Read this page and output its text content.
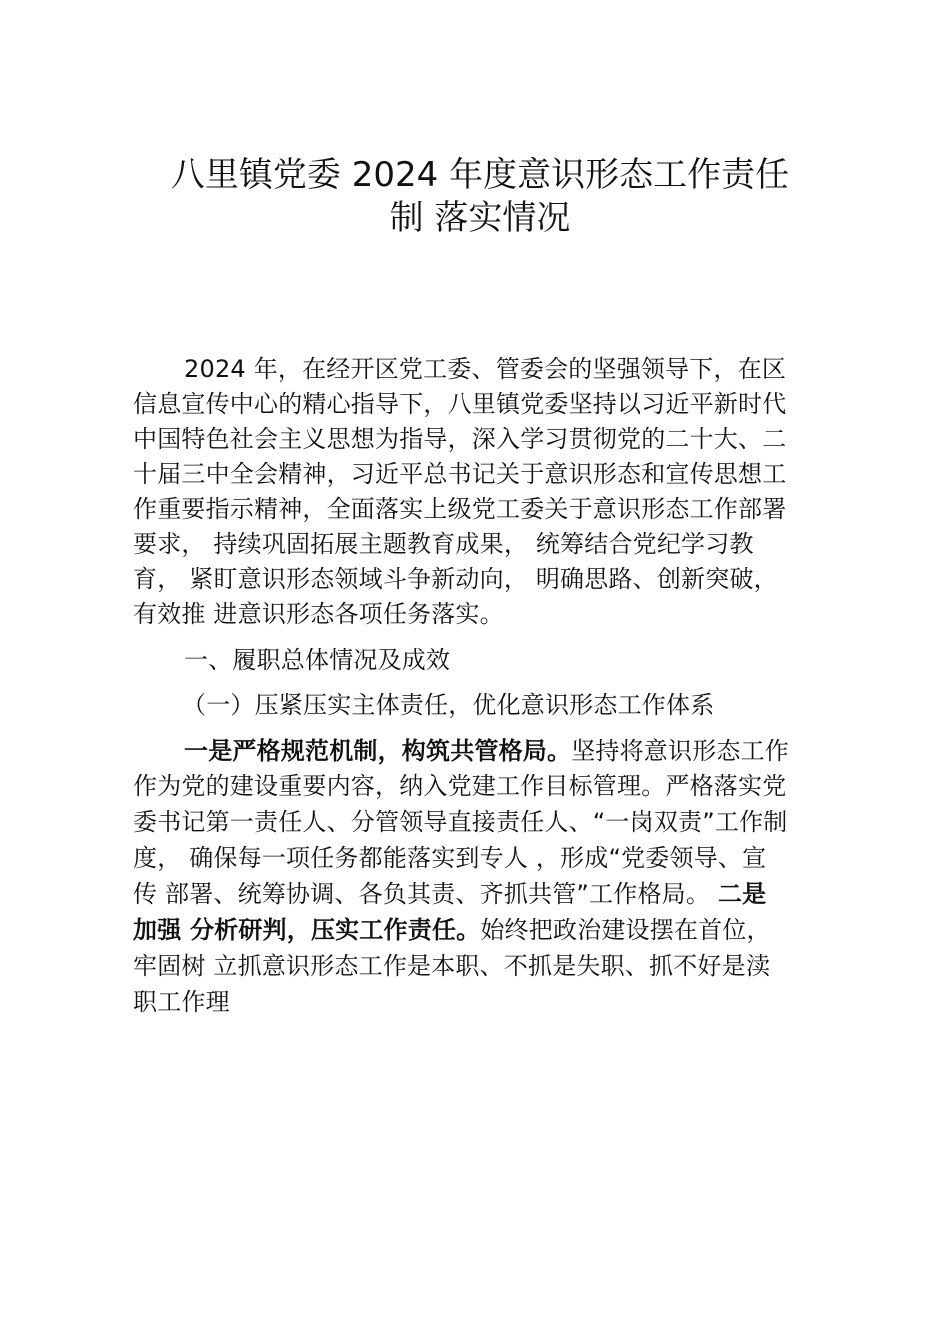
八里镇党委 2024 年度意识形态工作责任
制 落实情况
2024 年，在经开区党工委、管委会的坚强领导下，在区
信息宣传中心的精心指导下，八里镇党委坚持以习近平新时代
中国特色社会主义思想为指导，深入学习贯彻党的二十大、二
十届三中全会精神，习近平总书记关于意识形态和宣传思想工
作重要指示精神，全面落实上级党工委关于意识形态工作部署
要求， 持续巩固拓展主题教育成果， 统筹结合党纪学习教
育， 紧盯意识形态领域斗争新动向， 明确思路、创新突破，
有效推 进意识形态各项任务落实。
一、履职总体情况及成效
（一）压紧压实主体责任，优化意识形态工作体系
一是严格规范机制，构筑共管格局。坚持将意识形态工作
作为党的建设重要内容，纳入党建工作目标管理。严格落实党
委书记第一责任人、分管领导直接责任人、“一岗双责”工作制
度， 确保每一项任务都能落实到专人 ，形成“党委领导、宣
传 部署、统筹协调、各负其责、齐抓共管”工作格局。 二是
加强 分析研判，压实工作责任。始终把政治建设摆在首位，
牢固树 立抓意识形态工作是本职、不抓是失职、抓不好是渎
职工作理
